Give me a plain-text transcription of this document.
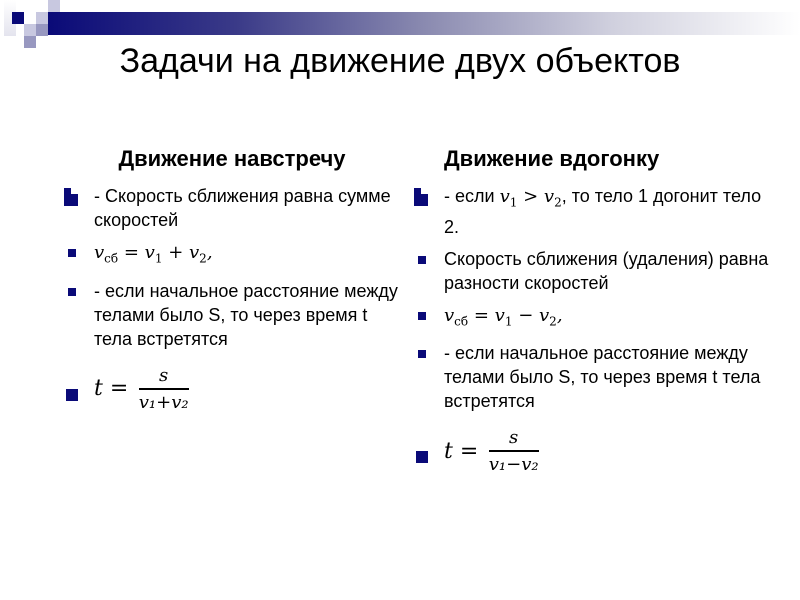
Задачи на движение двух объектов
Движение навстречу
- Скорость сближения равна сумме скоростей
$v_{сб} = v_1 + v_2$,
- если начальное расстояние между телами было S, то через время t тела встретятся
$t = \frac{s}{\text{v₁+v₂}}$
Движение вдогонку
- если $v_1 > v_2$, то тело 1 догонит тело 2.
Скорость сближения (удаления) равна разности скоростей
$v_{сб} = v_1 - v_2$,
- если начальное расстояние между телами было S, то через время t тела встретятся
$t = \frac{s}{\text{v₁−v₂}}$
